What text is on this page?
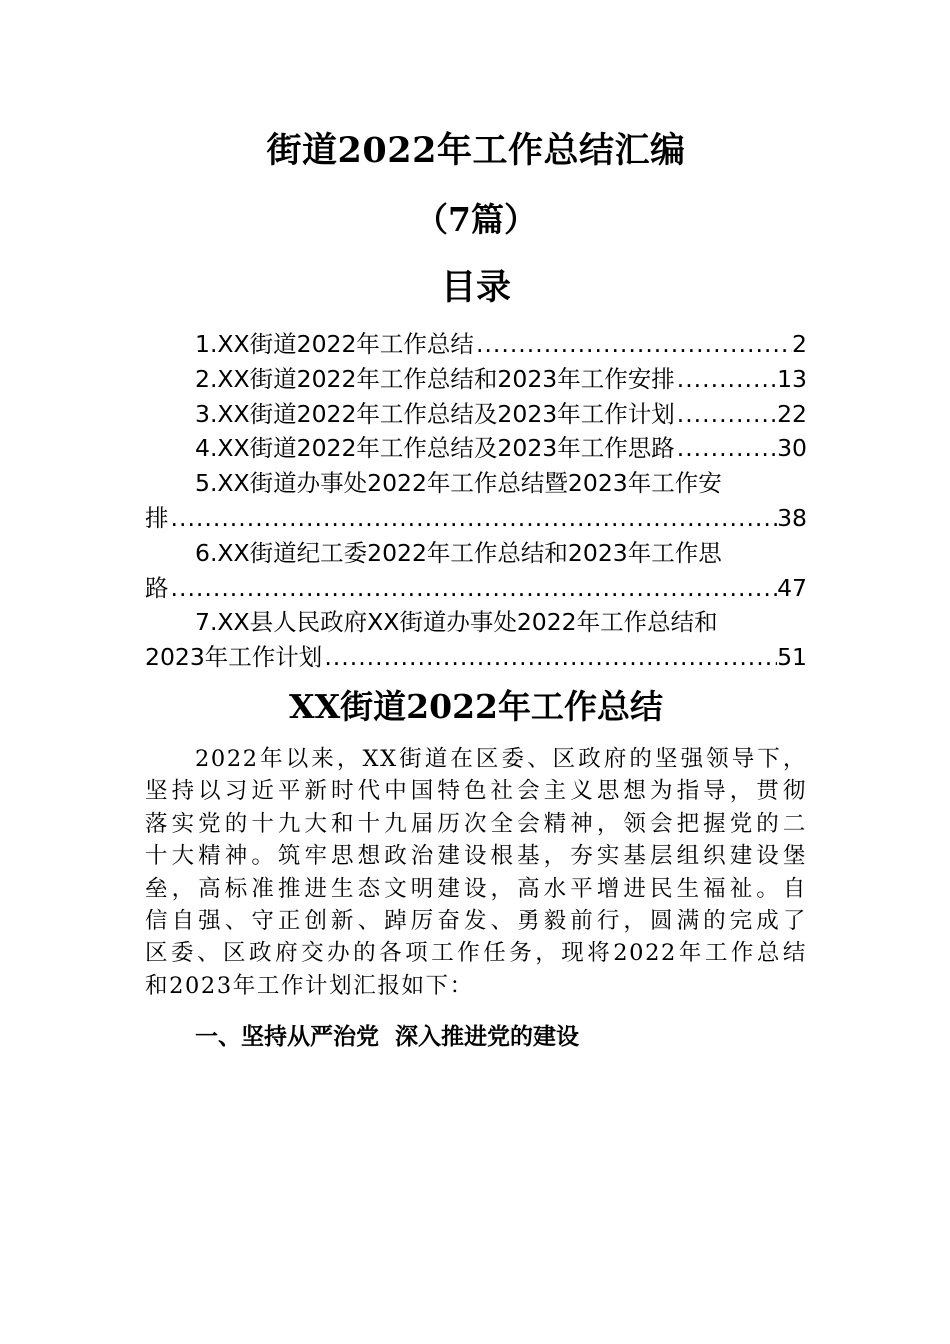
街道2022年工作总结汇编
（7篇）
目录
1.XX街道2022年工作总结 .....	2
2.XX街道2022年工作总结和2023年工作安排 .....	13
3.XX街道2022年工作总结及2023年工作计划 .....	22
4.XX街道2022年工作总结及2023年工作思路 .....	30
5.XX街道办事处2022年工作总结暨2023年工作安
排 .....	38
6.XX街道纪工委2022年工作总结和2023年工作思
路 .....	47
7.XX县人民政府XX街道办事处2022年工作总结和
2023年工作计划 .....	51
XX街道2022年工作总结
2022年以来，XX街道在区委、区政府的坚强领导下，
坚持以习近平新时代中国特色社会主义思想为指导，贯彻
落实党的十九大和十九届历次全会精神，领会把握党的二
十大精神。筑牢思想政治建设根基，夯实基层组织建设堡
垒，高标准推进生态文明建设，高水平增进民生福祉。自
信自强、守正创新、踔厉奋发、勇毅前行，圆满的完成了
区委、区政府交办的各项工作任务，现将2022年工作总结
和2023年工作计划汇报如下：
一、坚持从严治党  深入推进党的建设
